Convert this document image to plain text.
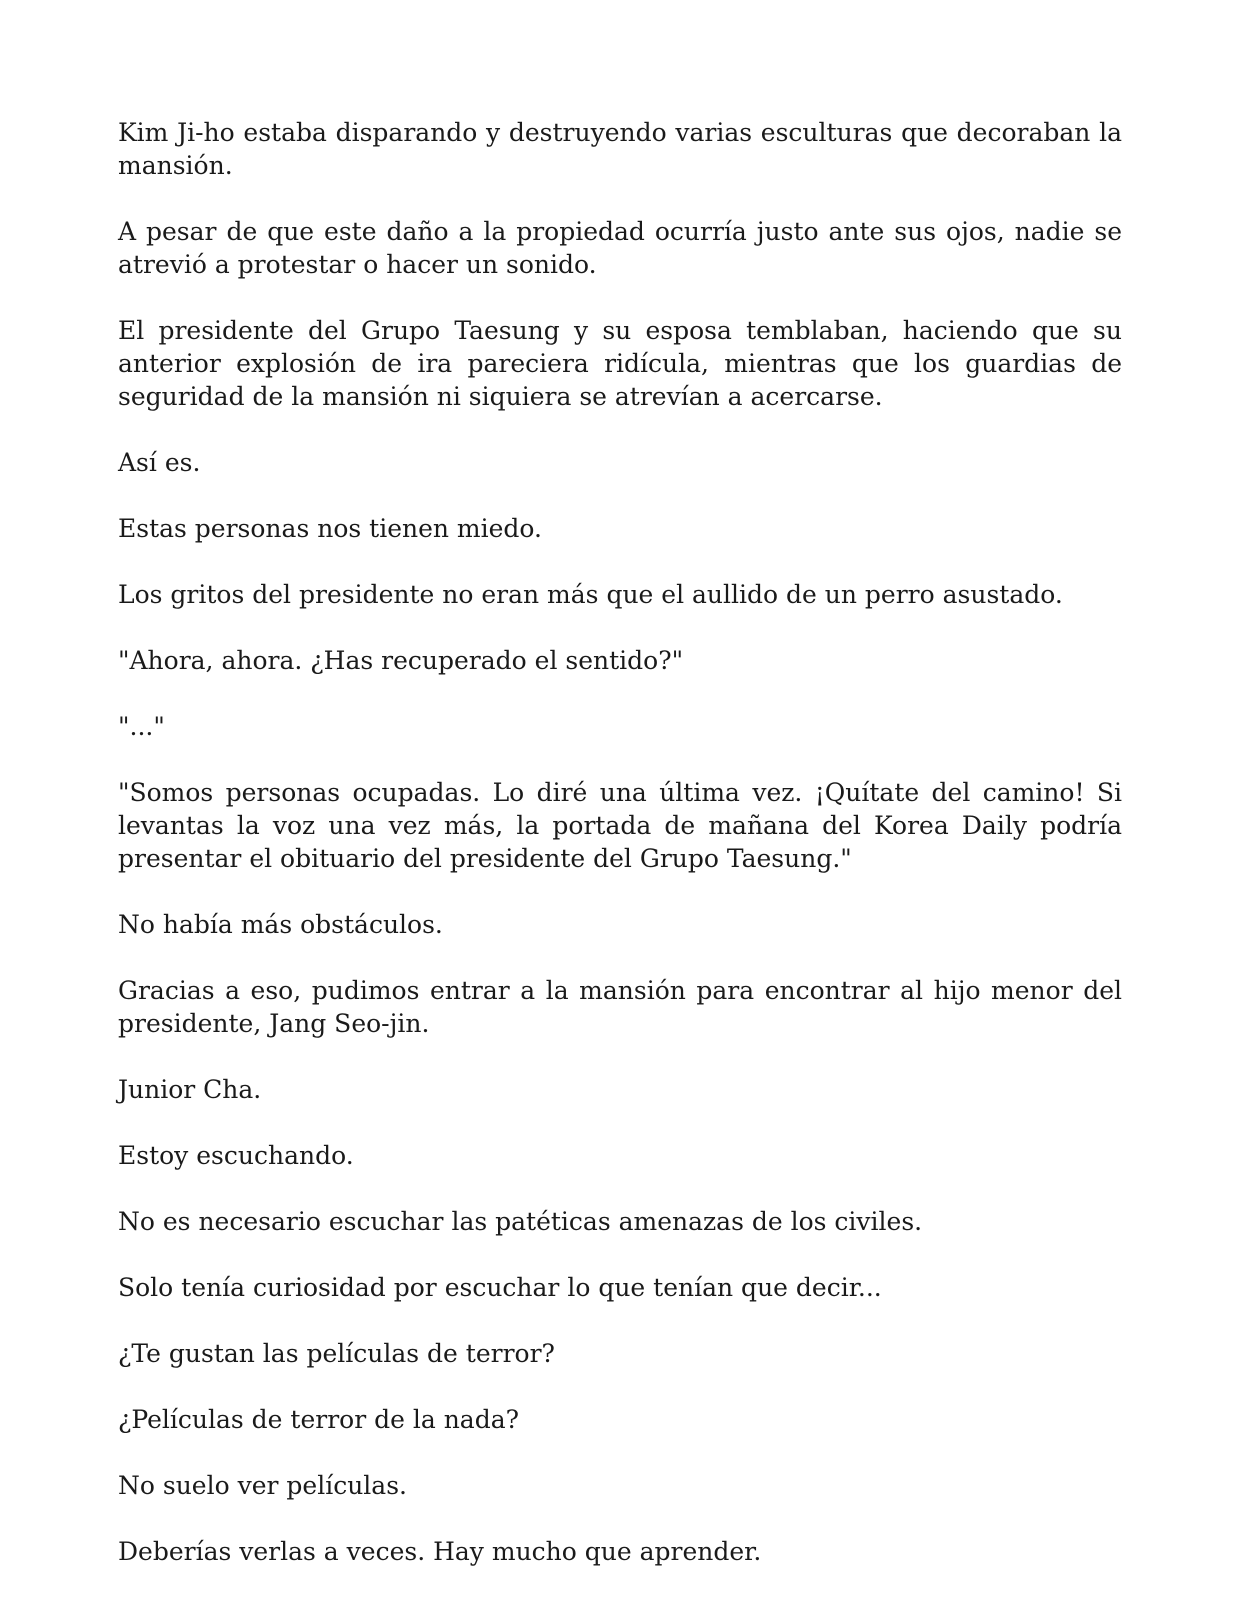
Kim Ji-ho estaba disparando y destruyendo varias esculturas que decoraban la mansión.

A pesar de que este daño a la propiedad ocurría justo ante sus ojos, nadie se atrevió a protestar o hacer un sonido.

El presidente del Grupo Taesung y su esposa temblaban, haciendo que su anterior explosión de ira pareciera ridícula, mientras que los guardias de seguridad de la mansión ni siquiera se atrevían a acercarse.

Así es.

Estas personas nos tienen miedo.

Los gritos del presidente no eran más que el aullido de un perro asustado.

"Ahora, ahora. ¿Has recuperado el sentido?"

"..."

"Somos personas ocupadas. Lo diré una última vez. ¡Quítate del camino! Si levantas la voz una vez más, la portada de mañana del Korea Daily podría presentar el obituario del presidente del Grupo Taesung."

No había más obstáculos.

Gracias a eso, pudimos entrar a la mansión para encontrar al hijo menor del presidente, Jang Seo-jin.

Junior Cha.

Estoy escuchando.

No es necesario escuchar las patéticas amenazas de los civiles.

Solo tenía curiosidad por escuchar lo que tenían que decir...

¿Te gustan las películas de terror?

¿Películas de terror de la nada?

No suelo ver películas.

Deberías verlas a veces. Hay mucho que aprender.
